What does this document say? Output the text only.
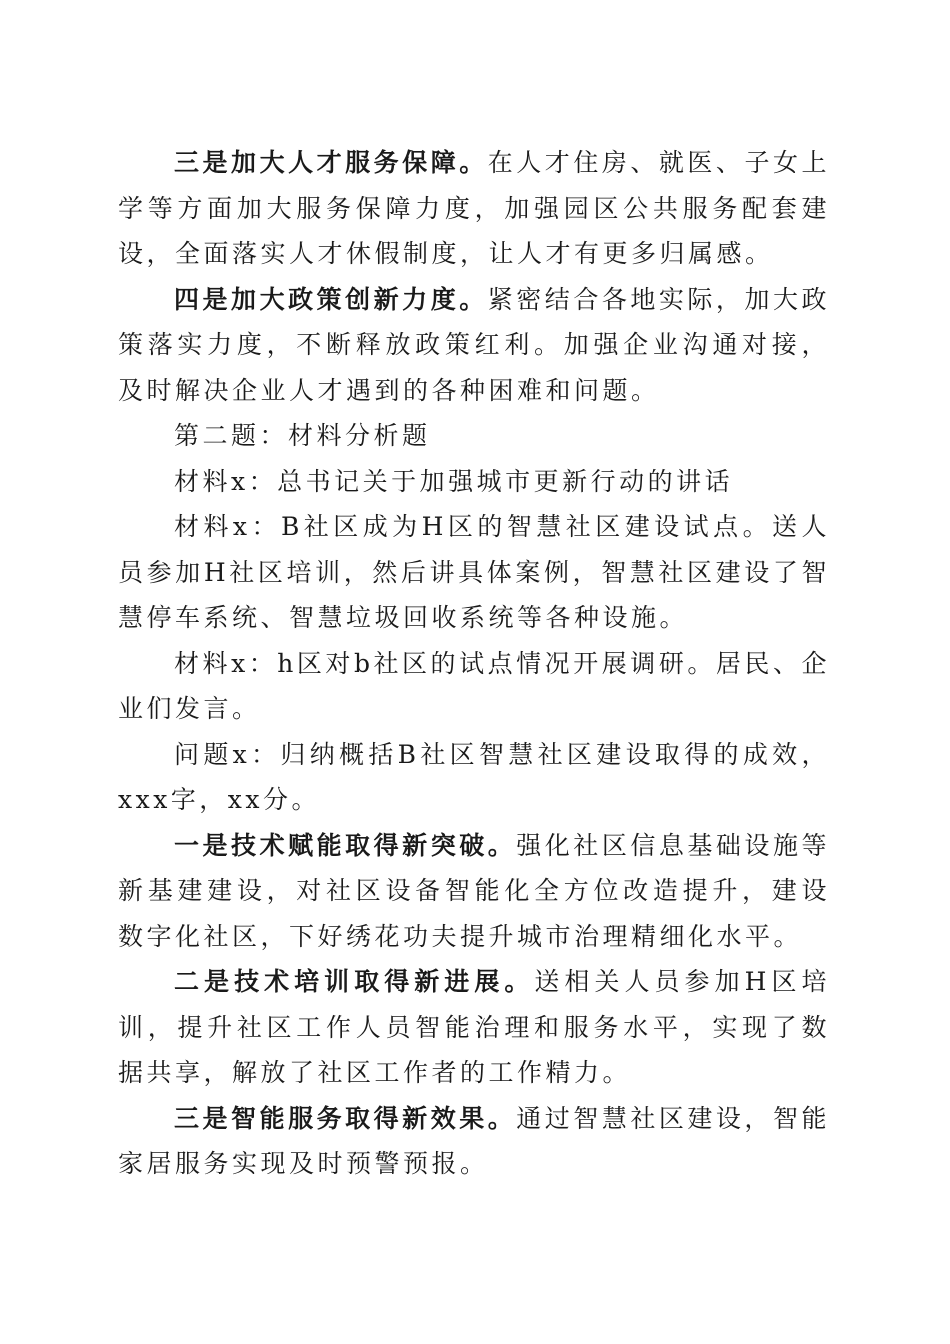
三是加大人才服务保障。在人才住房、就医、子女上学等方面加大服务保障力度，加强园区公共服务配套建设，全面落实人才休假制度，让人才有更多归属感。

四是加大政策创新力度。紧密结合各地实际，加大政策落实力度，不断释放政策红利。加强企业沟通对接，及时解决企业人才遇到的各种困难和问题。

第二题：材料分析题

材料x：总书记关于加强城市更新行动的讲话

材料x：B社区成为H区的智慧社区建设试点。送人员参加H社区培训，然后讲具体案例，智慧社区建设了智慧停车系统、智慧垃圾回收系统等各种设施。

材料x：h区对b社区的试点情况开展调研。居民、企业们发言。

问题x：归纳概括B社区智慧社区建设取得的成效，xxx字，xx分。

一是技术赋能取得新突破。强化社区信息基础设施等新基建建设，对社区设备智能化全方位改造提升，建设数字化社区，下好绣花功夫提升城市治理精细化水平。

二是技术培训取得新进展。送相关人员参加H区培训，提升社区工作人员智能治理和服务水平，实现了数据共享，解放了社区工作者的工作精力。

三是智能服务取得新效果。通过智慧社区建设，智能家居服务实现及时预警预报。
